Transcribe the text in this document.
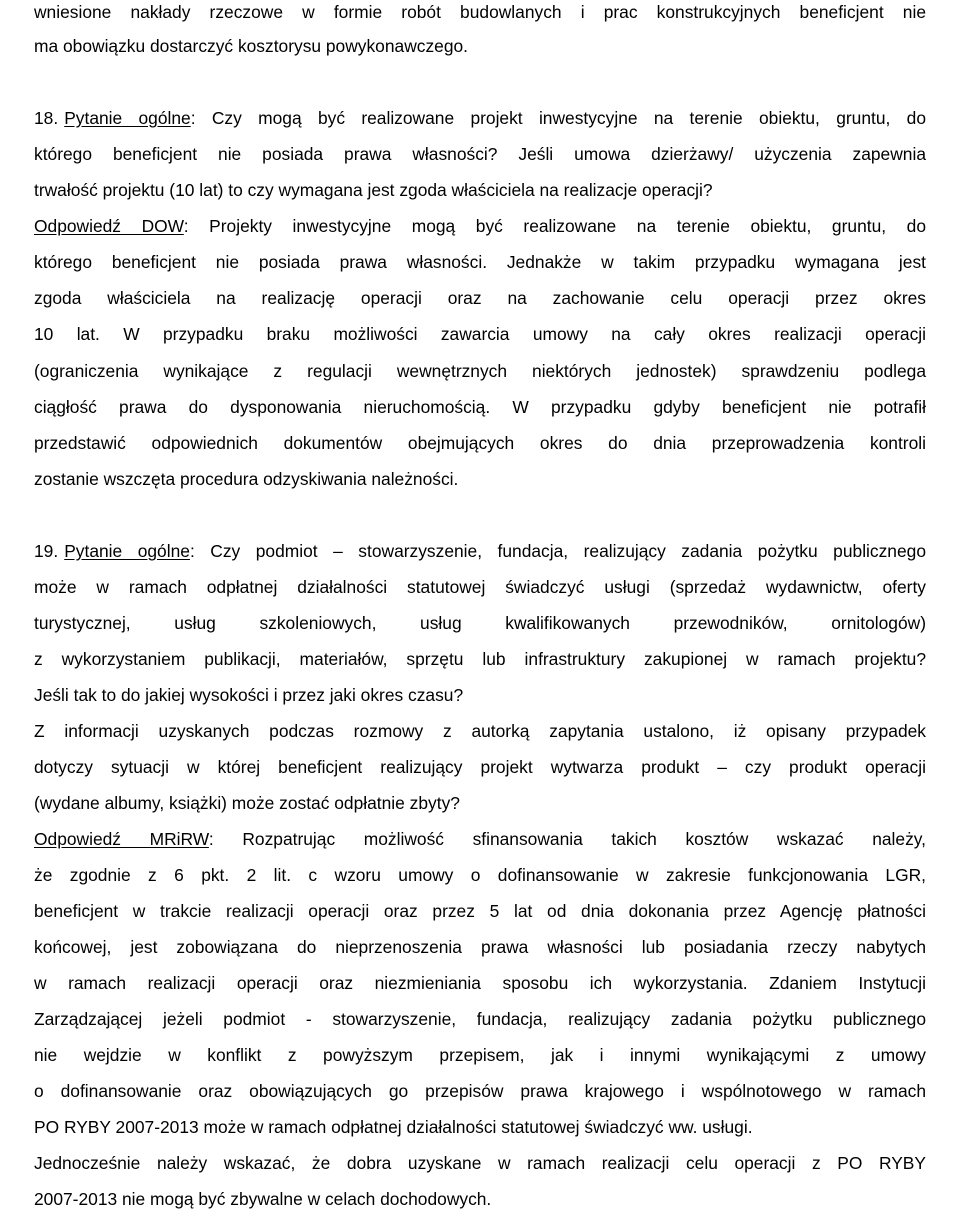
wniesione nakłady rzeczowe w formie robót budowlanych i prac konstrukcyjnych beneficjent nie
ma obowiązku dostarczyć kosztorysu powykonawczego.
18. Pytanie ogólne: Czy mogą być realizowane projekt inwestycyjne na terenie obiektu, gruntu, do
którego beneficjent nie posiada prawa własności? Jeśli umowa dzierżawy/ użyczenia zapewnia
trwałość projektu (10 lat) to czy wymagana jest zgoda właściciela na realizacje operacji?
Odpowiedź DOW: Projekty inwestycyjne mogą być realizowane na terenie obiektu, gruntu, do
którego beneficjent nie posiada prawa własności. Jednakże w takim przypadku wymagana jest
zgoda właściciela na realizację operacji oraz na zachowanie celu operacji przez okres
10 lat. W przypadku braku możliwości zawarcia umowy na cały okres realizacji operacji
(ograniczenia wynikające z regulacji wewnętrznych niektórych jednostek) sprawdzeniu podlega
ciągłość prawa do dysponowania nieruchomością. W przypadku gdyby beneficjent nie potrafił
przedstawić odpowiednich dokumentów obejmujących okres do dnia przeprowadzenia kontroli
zostanie wszczęta procedura odzyskiwania należności.
19. Pytanie ogólne: Czy podmiot – stowarzyszenie, fundacja, realizujący zadania pożytku publicznego
może w ramach odpłatnej działalności statutowej świadczyć usługi (sprzedaż wydawnictw, oferty
turystycznej, usług szkoleniowych, usług kwalifikowanych przewodników, ornitologów)
z wykorzystaniem publikacji, materiałów, sprzętu lub infrastruktury zakupionej w ramach projektu?
Jeśli tak to do jakiej wysokości i przez jaki okres czasu?
Z informacji uzyskanych podczas rozmowy z autorką zapytania ustalono, iż opisany przypadek
dotyczy sytuacji w której beneficjent realizujący projekt wytwarza produkt – czy produkt operacji
(wydane albumy, książki) może zostać odpłatnie zbyty?
Odpowiedź MRiRW: Rozpatrując możliwość sfinansowania takich kosztów wskazać należy,
że zgodnie z 6 pkt. 2 lit. c wzoru umowy o dofinansowanie w zakresie funkcjonowania LGR,
beneficjent w trakcie realizacji operacji oraz przez 5 lat od dnia dokonania przez Agencję płatności
końcowej, jest zobowiązana do nieprzenoszenia prawa własności lub posiadania rzeczy nabytych
w ramach realizacji operacji oraz niezmieniania sposobu ich wykorzystania. Zdaniem Instytucji
Zarządzającej jeżeli podmiot - stowarzyszenie, fundacja, realizujący zadania pożytku publicznego
nie wejdzie w konflikt z powyższym przepisem, jak i innymi wynikającymi z umowy
o dofinansowanie oraz obowiązujących go przepisów prawa krajowego i wspólnotowego w ramach
PO RYBY 2007-2013 może w ramach odpłatnej działalności statutowej świadczyć ww. usługi.
Jednocześnie należy wskazać, że dobra uzyskane w ramach realizacji celu operacji z PO RYBY
2007-2013 nie mogą być zbywalne w celach dochodowych.
